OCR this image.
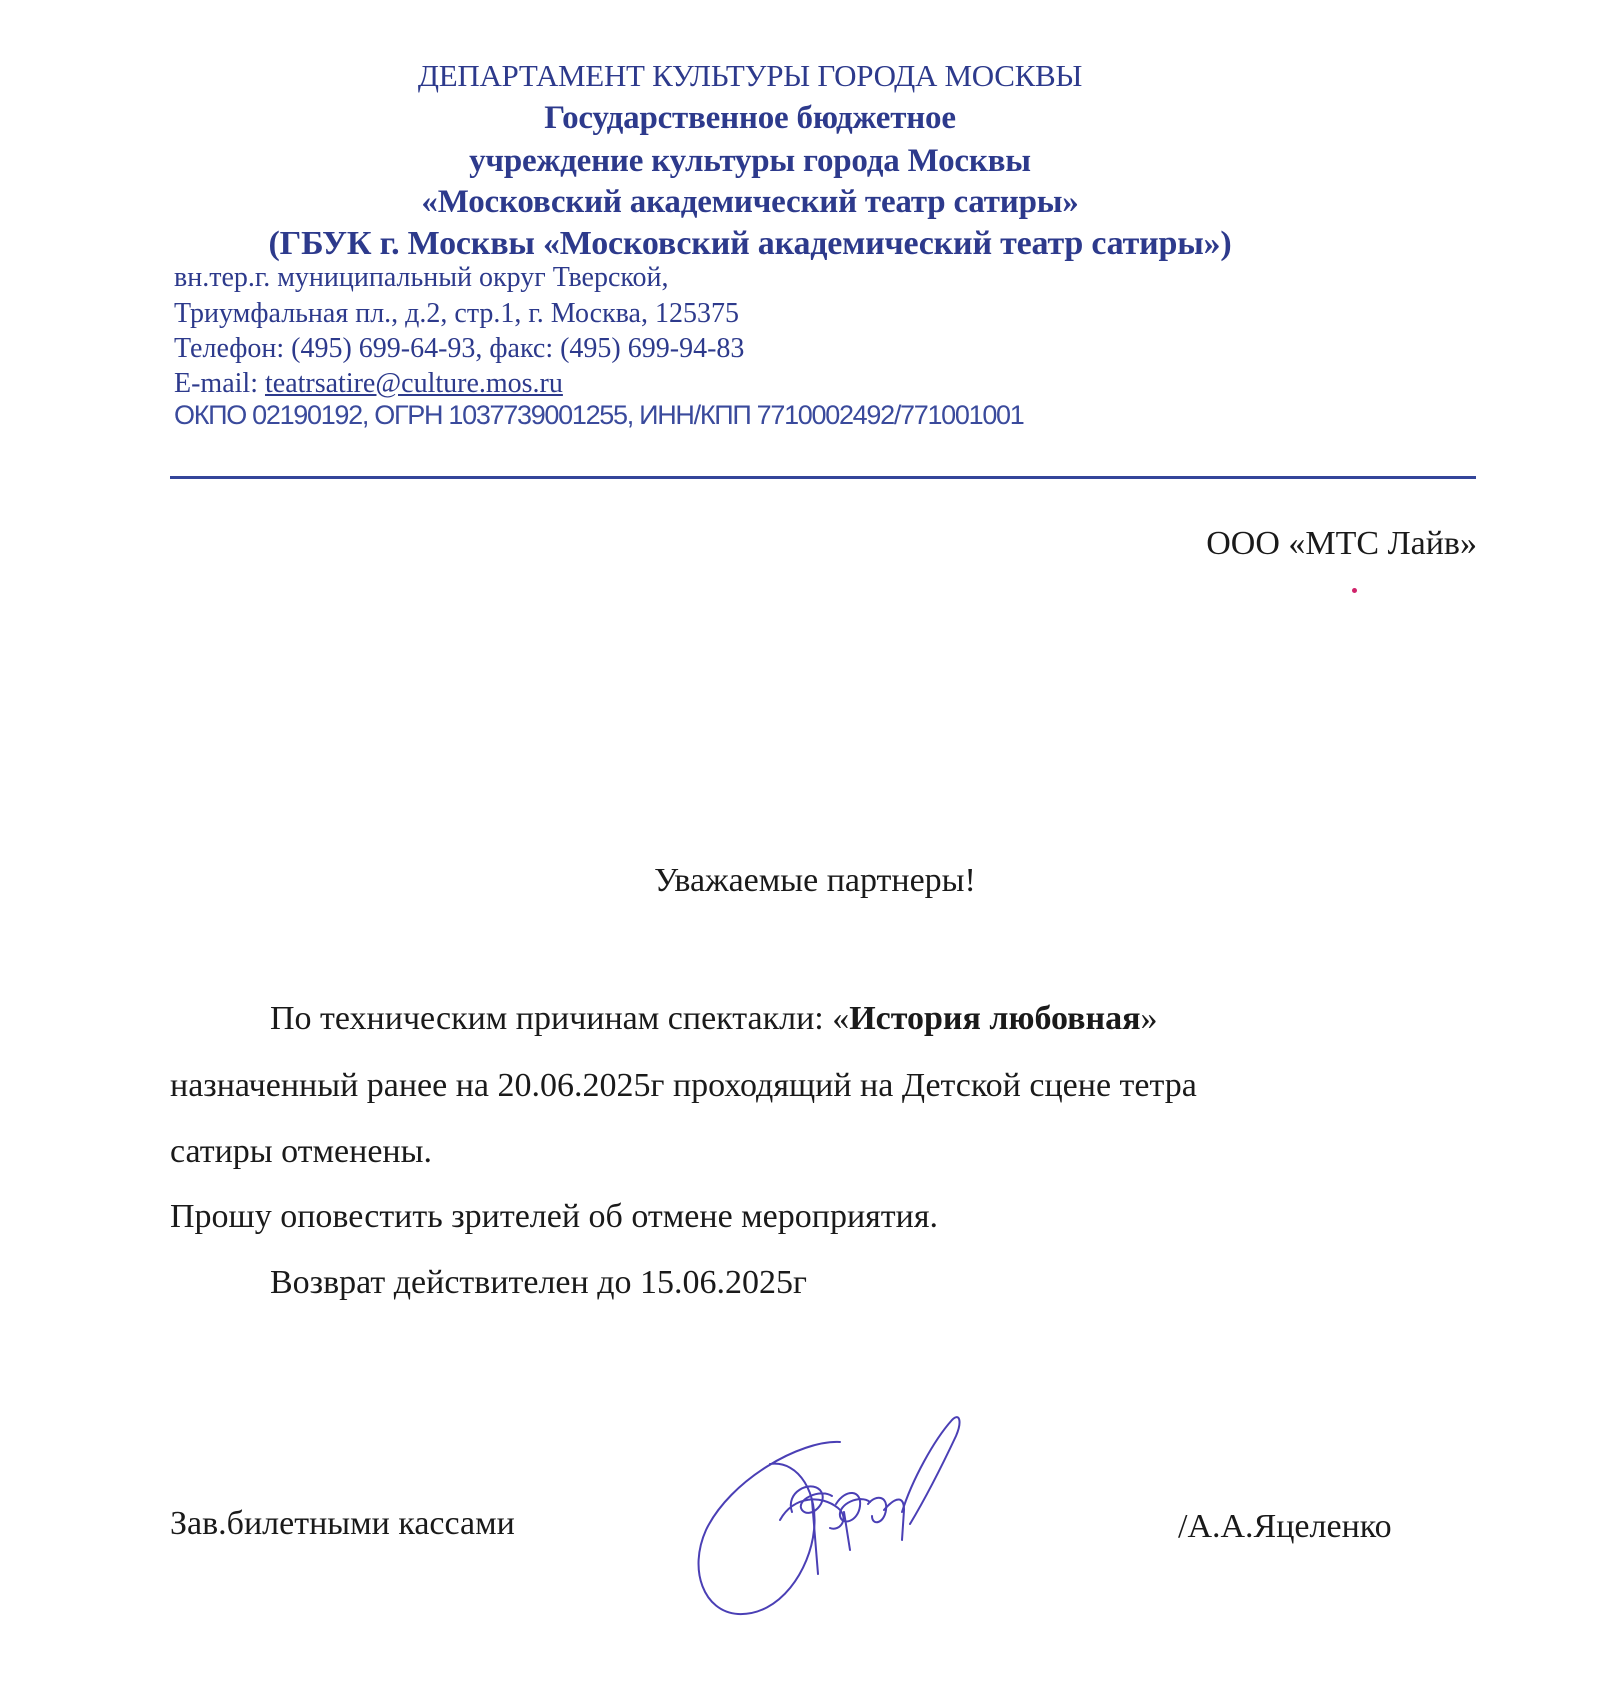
ДЕПАРТАМЕНТ КУЛЬТУРЫ ГОРОДА МОСКВЫ
Государственное бюджетное
учреждение культуры города Москвы
«Московский академический театр сатиры»
(ГБУК г. Москвы «Московский академический театр сатиры»)
вн.тер.г. муниципальный округ Тверской,
Триумфальная пл., д.2, стр.1, г. Москва, 125375
Телефон: (495) 699-64-93, факс: (495) 699-94-83
E-mail: teatrsatire@culture.mos.ru
ОКПО 02190192, ОГРН 1037739001255, ИНН/КПП 7710002492/771001001
ООО «МТС Лайв»
Уважаемые партнеры!
По техническим причинам спектакли: «История любовная»
назначенный ранее на 20.06.2025г проходящий на Детской сцене тетра
сатиры отменены.
Прошу оповестить зрителей об отмене мероприятия.
Возврат действителен до 15.06.2025г
Зав.билетными кассами	/А.А.Яцеленко
